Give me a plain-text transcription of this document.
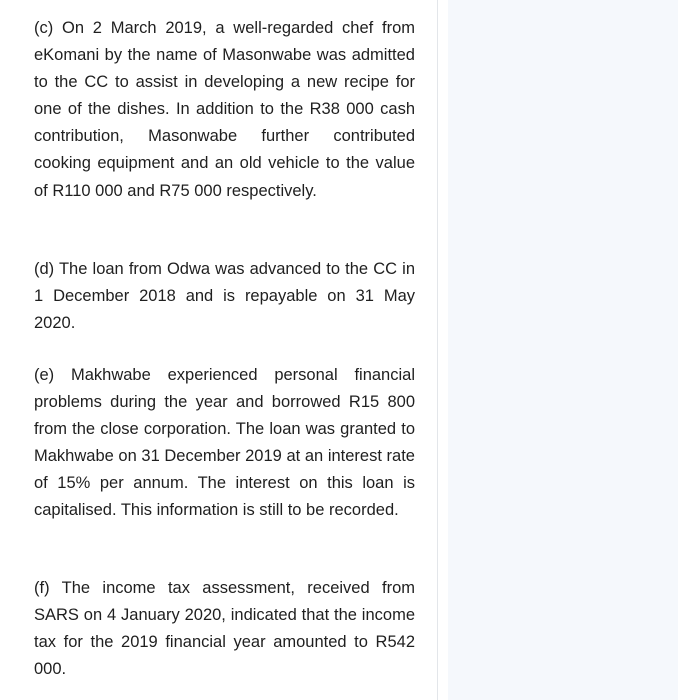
(c) On 2 March 2019, a well-regarded chef from eKomani by the name of Masonwabe was admitted to the CC to assist in developing a new recipe for one of the dishes. In addition to the R38 000 cash contribution, Masonwabe further contributed cooking equipment and an old vehicle to the value of R110 000 and R75 000 respectively.

(d) The loan from Odwa was advanced to the CC in 1 December 2018 and is repayable on 31 May 2020.

(e) Makhwabe experienced personal financial problems during the year and borrowed R15 800 from the close corporation. The loan was granted to Makhwabe on 31 December 2019 at an interest rate of 15% per annum. The interest on this loan is capitalised. This information is still to be recorded.

(f) The income tax assessment, received from SARS on 4 January 2020, indicated that the income tax for the 2019 financial year amounted to R542 000.
